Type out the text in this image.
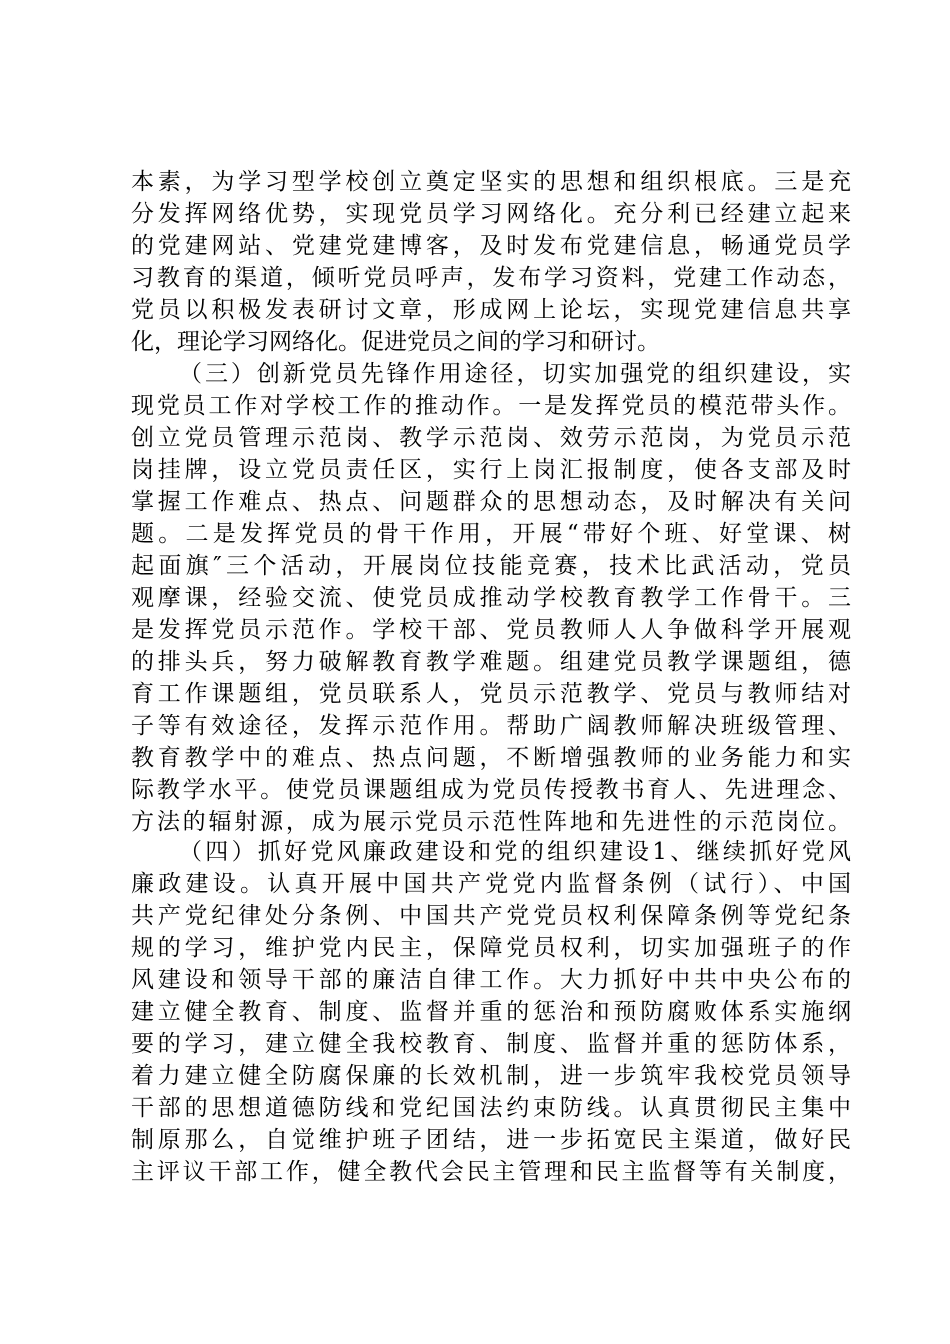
本素，为学习型学校创立奠定坚实的思想和组织根底。三是充
分发挥网络优势，实现党员学习网络化。充分利已经建立起来
的党建网站、党建党建博客，及时发布党建信息，畅通党员学
习教育的渠道，倾听党员呼声，发布学习资料，党建工作动态，
党员以积极发表研讨文章，形成网上论坛，实现党建信息共享
化，理论学习网络化。促进党员之间的学习和研讨。
（三）创新党员先锋作用途径，切实加强党的组织建设，实
现党员工作对学校工作的推动作。一是发挥党员的模范带头作。
创立党员管理示范岗、教学示范岗、效劳示范岗，为党员示范
岗挂牌，设立党员责任区，实行上岗汇报制度，使各支部及时
掌握工作难点、热点、问题群众的思想动态，及时解决有关问
题。二是发挥党员的骨干作用，开展“带好个班、好堂课、树
起面旗″三个活动，开展岗位技能竞赛，技术比武活动，党员
观摩课，经验交流、使党员成推动学校教育教学工作骨干。三
是发挥党员示范作。学校干部、党员教师人人争做科学开展观
的排头兵，努力破解教育教学难题。组建党员教学课题组，德
育工作课题组，党员联系人，党员示范教学、党员与教师结对
子等有效途径，发挥示范作用。帮助广阔教师解决班级管理、
教育教学中的难点、热点问题，不断增强教师的业务能力和实
际教学水平。使党员课题组成为党员传授教书育人、先进理念、
方法的辐射源，成为展示党员示范性阵地和先进性的示范岗位。
（四）抓好党风廉政建设和党的组织建设1、继续抓好党风
廉政建设。认真开展中国共产党党内监督条例（试行）、中国
共产党纪律处分条例、中国共产党党员权利保障条例等党纪条
规的学习，维护党内民主，保障党员权利，切实加强班子的作
风建设和领导干部的廉洁自律工作。大力抓好中共中央公布的
建立健全教育、制度、监督并重的惩治和预防腐败体系实施纲
要的学习，建立健全我校教育、制度、监督并重的惩防体系，
着力建立健全防腐保廉的长效机制，进一步筑牢我校党员领导
干部的思想道德防线和党纪国法约束防线。认真贯彻民主集中
制原那么，自觉维护班子团结，进一步拓宽民主渠道，做好民
主评议干部工作，健全教代会民主管理和民主监督等有关制度，
